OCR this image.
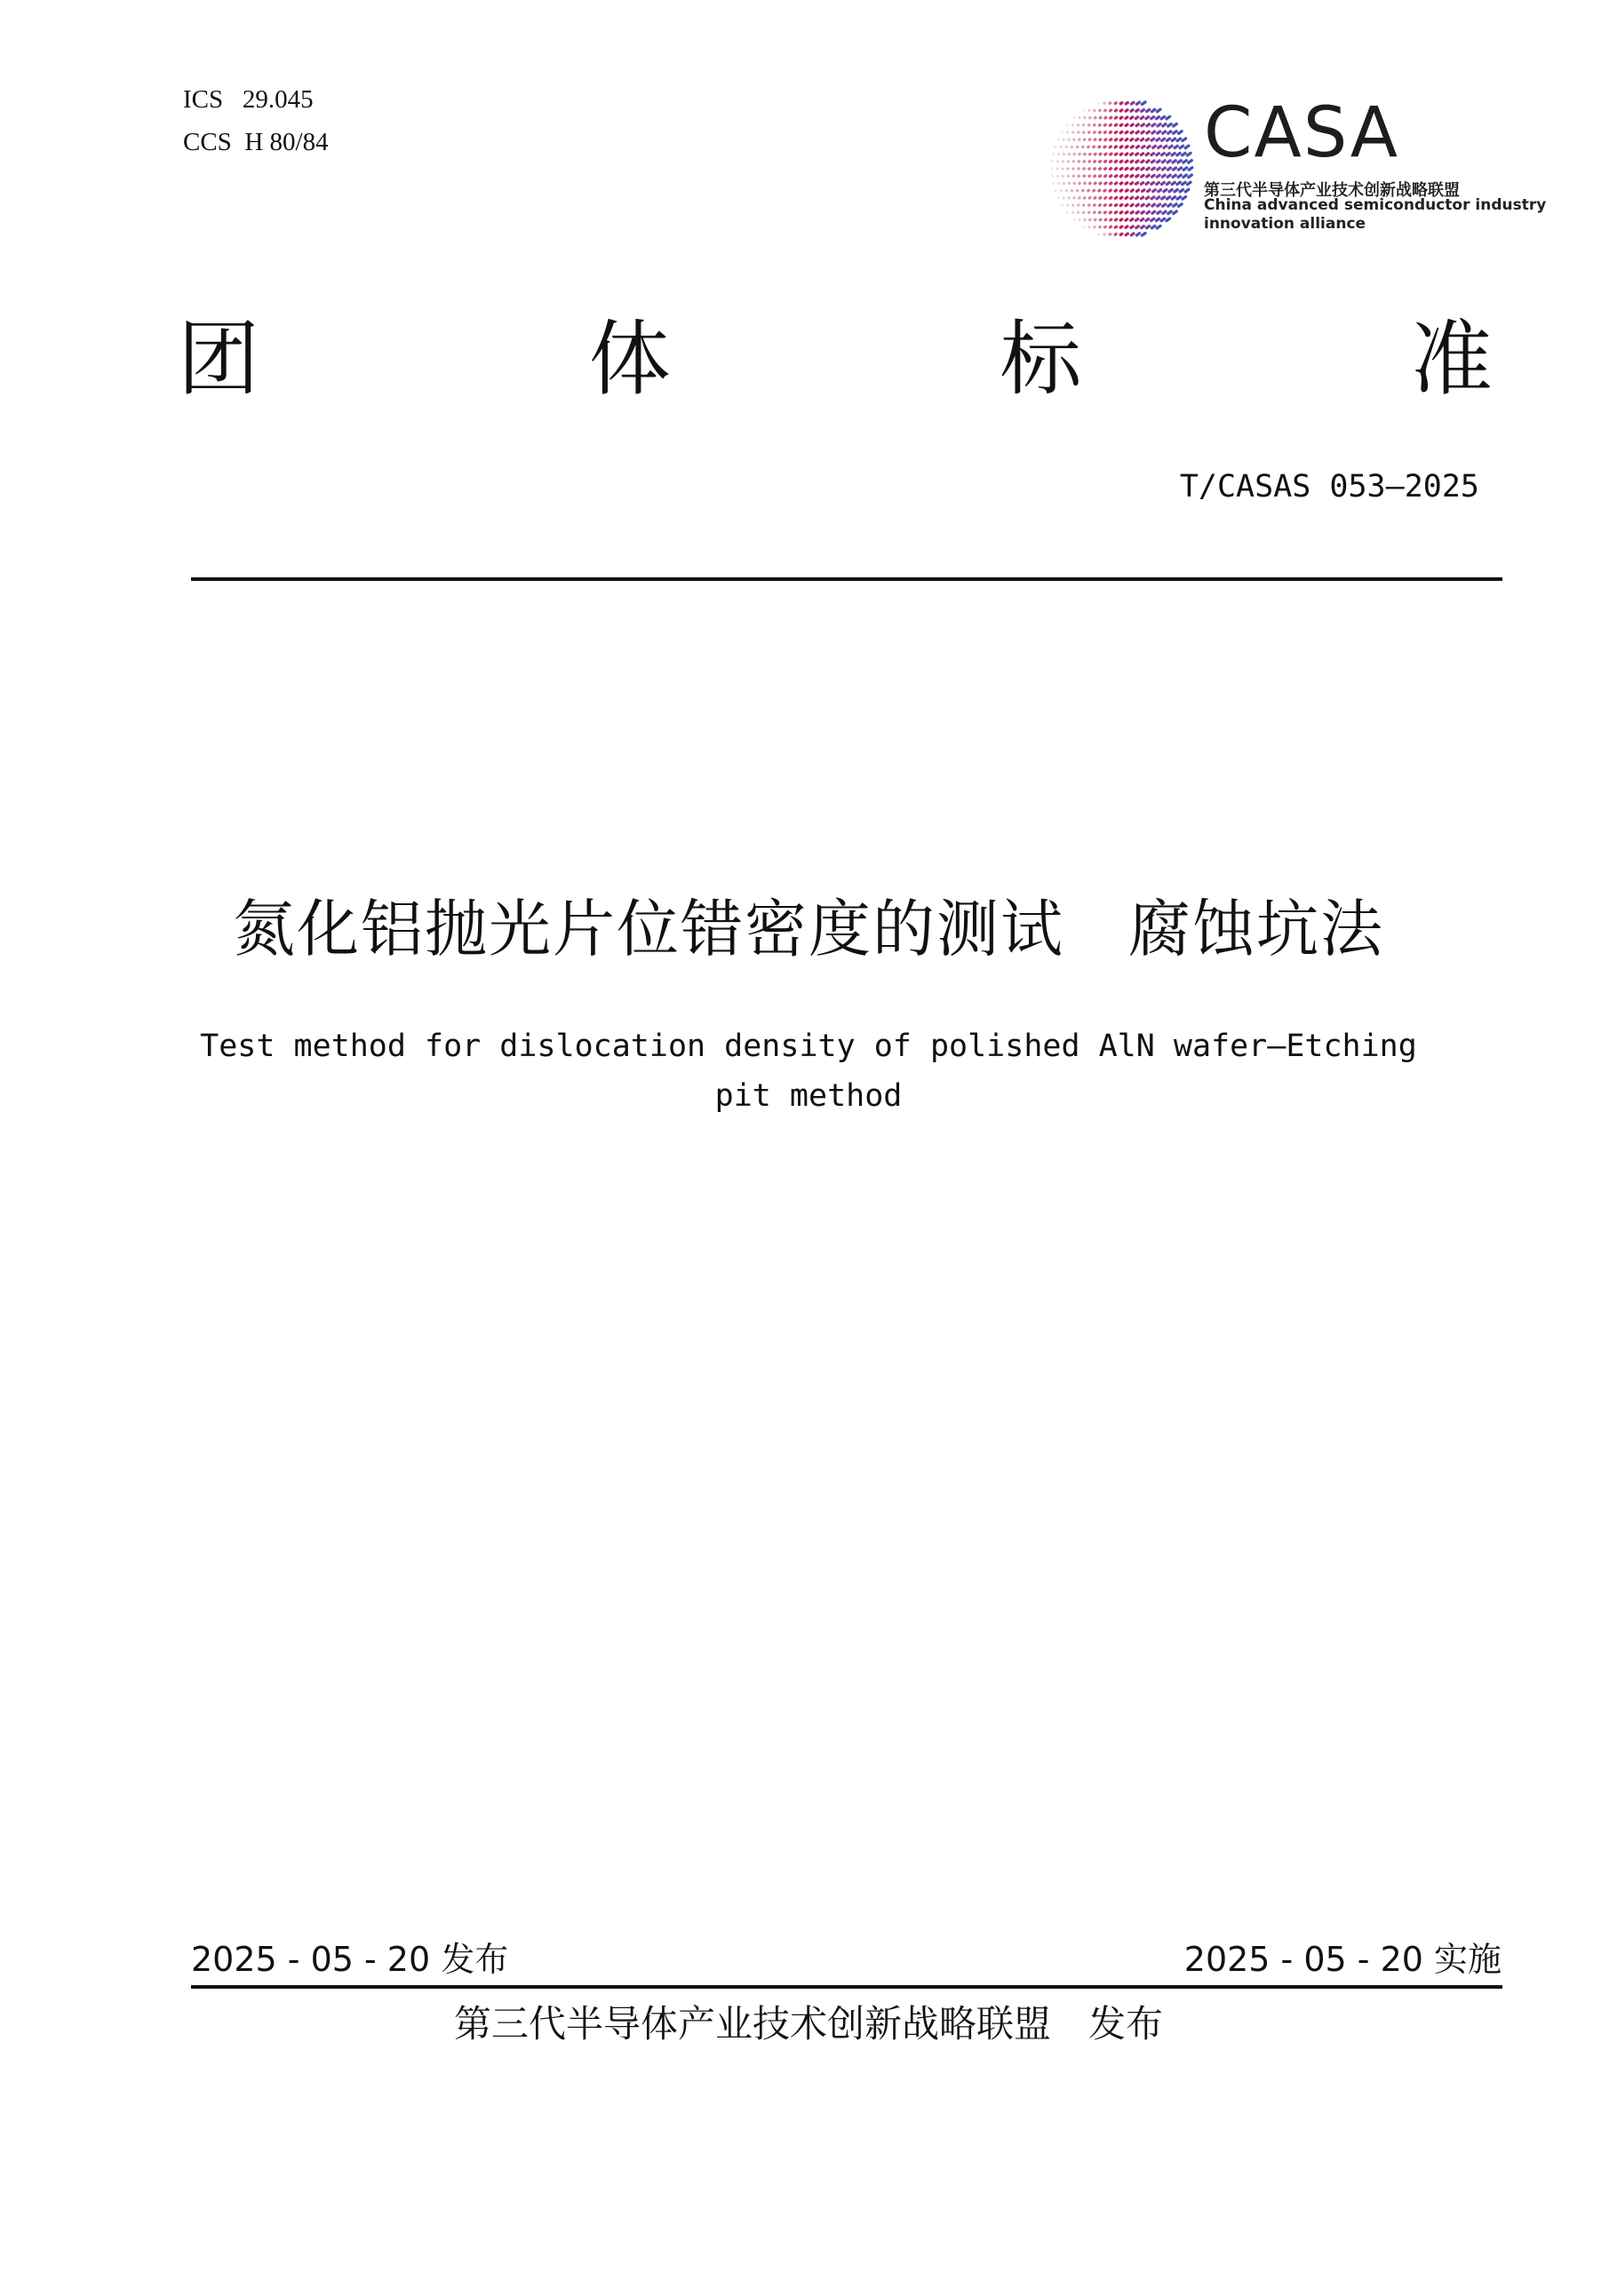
ICS 29.045
CCS H 80/84	CASA
第三代半导体产业技术创新战略联盟
China advanced semiconductor industry
innovation alliance
团	体	标	准
T/CASAS 053—2025
氮化铝抛光片位错密度的测试　腐蚀坑法
Test method for dislocation density of polished AlN wafer—Etching
pit method
2025 - 05 - 20 发布	2025 - 05 - 20 实施
第三代半导体产业技术创新战略联盟　发布
